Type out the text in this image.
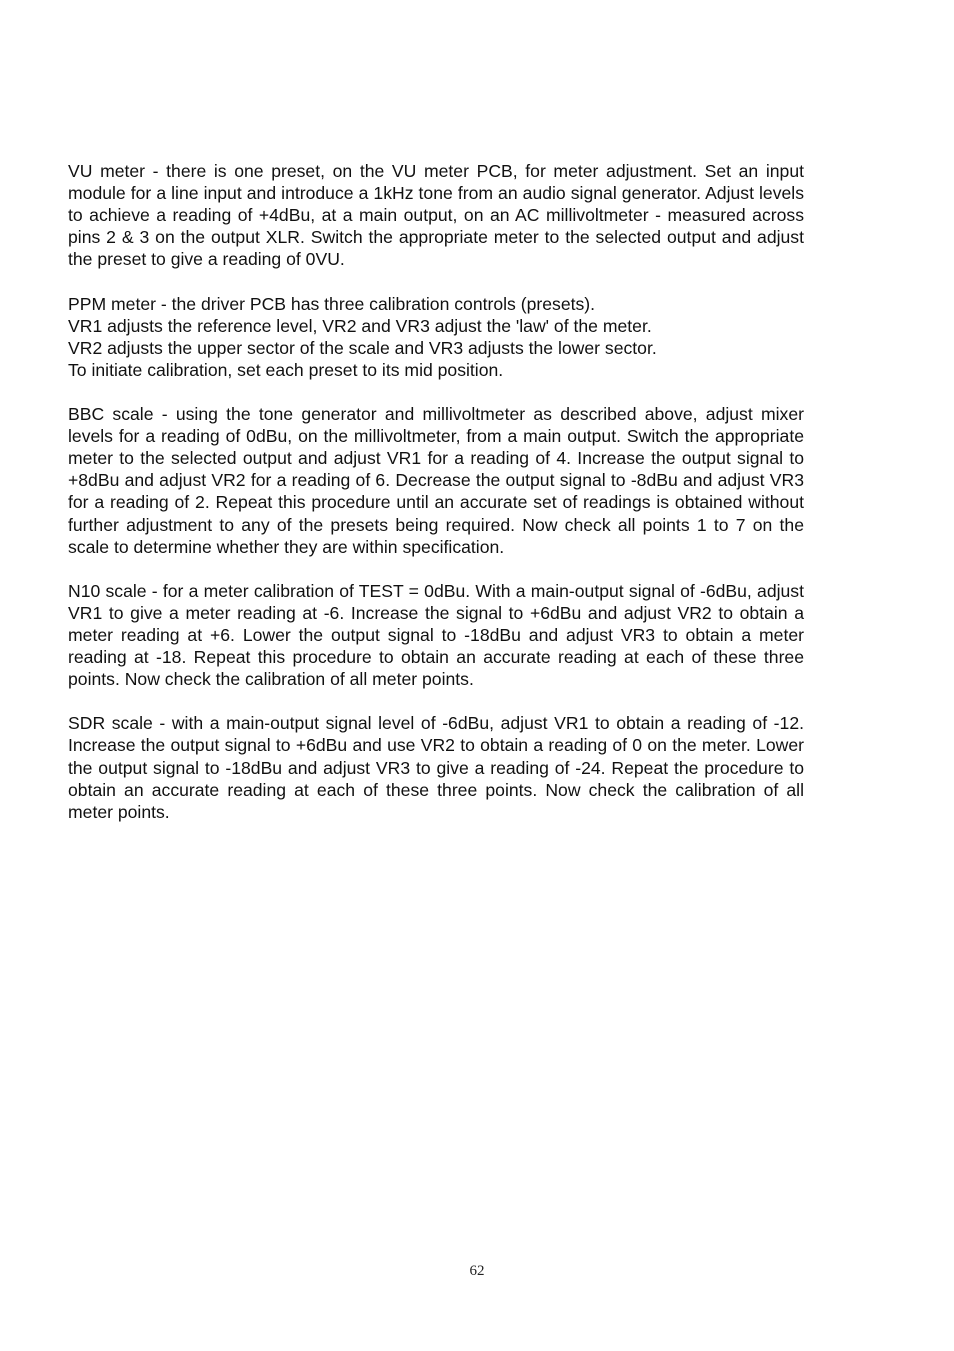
VU meter - there is one preset, on the VU meter PCB, for meter adjustment. Set an input module for a line input and introduce a 1kHz tone from an audio signal generator. Adjust levels to achieve a reading of +4dBu, at a main output, on an AC millivoltmeter - measured across pins 2 & 3 on the output XLR. Switch the appropriate meter to the selected output and adjust the preset to give a reading of 0VU.

PPM meter - the driver PCB has three calibration controls (presets).
VR1 adjusts the reference level, VR2 and VR3 adjust the 'law' of the meter.
VR2 adjusts the upper sector of the scale and VR3 adjusts the lower sector.
To initiate calibration, set each preset to its mid position.

BBC scale - using the tone generator and millivoltmeter as described above, adjust mixer levels for a reading of 0dBu, on the millivoltmeter, from a main output. Switch the appropriate meter to the selected output and adjust VR1 for a reading of 4. Increase the output signal to +8dBu and adjust VR2 for a reading of 6. Decrease the output signal to -8dBu and adjust VR3 for a reading of 2. Repeat this procedure until an accurate set of readings is obtained without further adjustment to any of the presets being required. Now check all points 1 to 7 on the scale to determine whether they are within specification.

N10 scale - for a meter calibration of TEST = 0dBu. With a main-output signal of -6dBu, adjust VR1 to give a meter reading at -6. Increase the signal to +6dBu and adjust VR2 to obtain a meter reading at +6. Lower the output signal to -18dBu and adjust VR3 to obtain a meter reading at -18. Repeat this procedure to obtain an accurate reading at each of these three points. Now check the calibration of all meter points.

SDR scale - with a main-output signal level of -6dBu, adjust VR1 to obtain a reading of -12. Increase the output signal to +6dBu and use VR2 to obtain a reading of 0 on the meter. Lower the output signal to -18dBu and adjust VR3 to give a reading of -24. Repeat the procedure to obtain an accurate reading at each of these three points. Now check the calibration of all meter points.

62
